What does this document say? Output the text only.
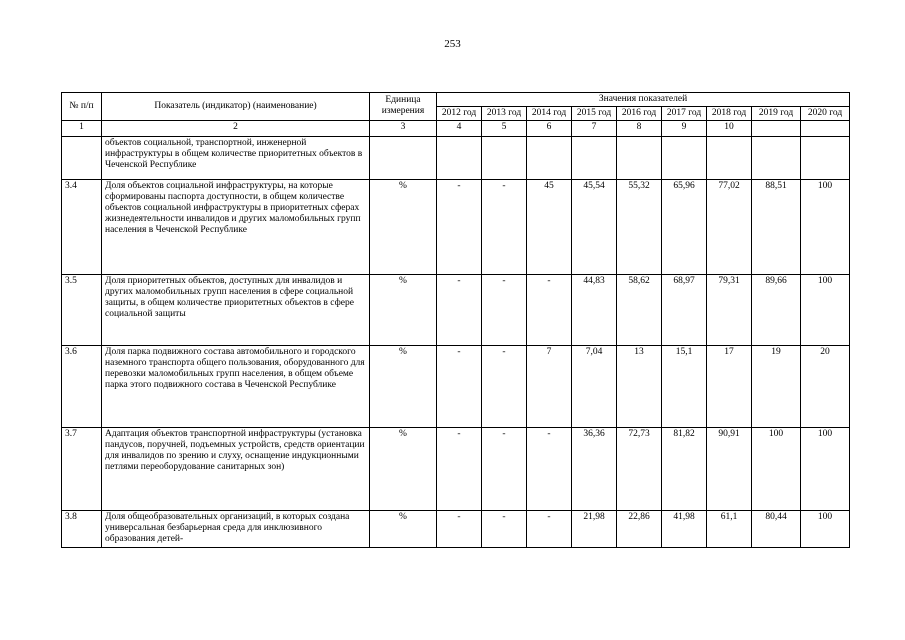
253
№ п/п	Показатель (индикатор) (наименование)	Единица измерения	Значения показателей								
			2012 год	2013 год	2014 год	2015 год	2016 год	2017 год	2018 год	2019 год	2020 год
1	2	3	4	5	6	7	8	9	10		
	объектов социальной, транспортной, инженерной инфраструктуры в общем количестве приоритетных объектов в Чеченской Республике										
3.4	Доля объектов социальной инфраструктуры, на которые сформированы паспорта доступности, в общем количестве объектов социальной инфраструктуры в приоритетных сферах жизнедеятельности инвалидов и других маломобильных групп населения в Чеченской Республике	%	-	-	45	45,54	55,32	65,96	77,02	88,51	100
3.5	Доля приоритетных объектов, доступных для инвалидов и других маломобильных групп населения в сфере социальной защиты, в общем количестве приоритетных объектов в сфере социальной защиты	%	-	-	-	44,83	58,62	68,97	79,31	89,66	100
3.6	Доля парка подвижного состава автомобильного и городского наземного транспорта общего пользования, оборудованного для перевозки маломобильных групп населения, в общем объеме парка этого подвижного состава в Чеченской Республике	%	-	-	7	7,04	13	15,1	17	19	20
3.7	Адаптация объектов транспортной инфраструктуры (установка пандусов, поручней, подъемных устройств, средств ориентации для инвалидов по зрению и слуху, оснащение индукционными петлями переоборудование санитарных зон)	%	-	-	-	36,36	72,73	81,82	90,91	100	100
3.8	Доля общеобразовательных организаций, в которых создана универсальная безбарьерная среда для инклюзивного образования детей-	%	-	-	-	21,98	22,86	41,98	61,1	80,44	100
